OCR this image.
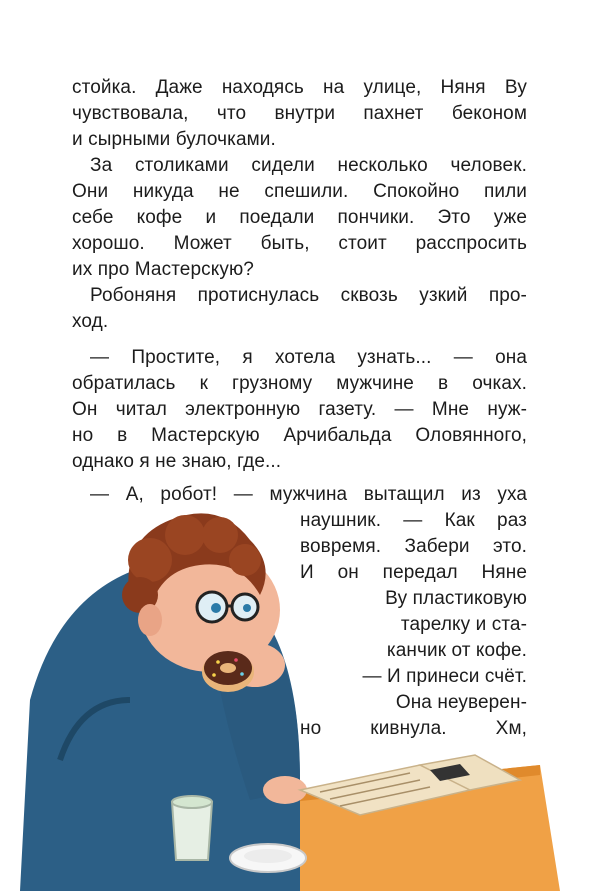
стойка. Даже находясь на улице, Няня Ву
чувствовала, что внутри пахнет беконом
и сырными булочками.
За столиками сидели несколько человек.
Они никуда не спешили. Спокойно пили
себе кофе и поедали пончики. Это уже
хорошо. Может быть, стоит расспросить
их про Мастерскую?
Робоняня протиснулась сквозь узкий про-
ход.
— Простите, я хотела узнать... — она
обратилась к грузному мужчине в очках.
Он читал электронную газету. — Мне нуж-
но в Мастерскую Арчибальда Оловянного,
однако я не знаю, где...
— А, робот! — мужчина вытащил из уха
наушник. — Как раз
вовремя. Забери это.
И он передал Няне
Ву пластиковую
тарелку и ста-
канчик от кофе.
— И принеси счёт.
Она неуверен-
но кивнула. Хм,
